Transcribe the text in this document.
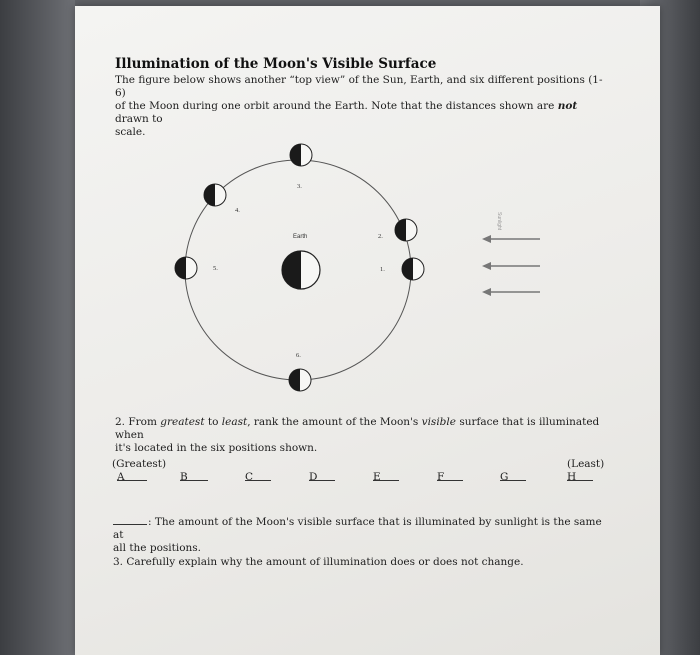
Illumination of the Moon's Visible Surface
The figure below shows another “top view” of the Sun, Earth, and six different positions (1-6)
of the Moon during one orbit around the Earth. Note that the distances shown are not drawn to
scale.
Sunlight
Earth
1.
2.
3.
4.
5.
6.
2. From greatest to least, rank the amount of the Moon's visible surface that is illuminated when
it's located in the six positions shown.
(Greatest)	(Least)
A	B	C	D	E	F	G	H
: The amount of the Moon's visible surface that is illuminated by sunlight is the same at
all the positions.
3. Carefully explain why the amount of illumination does or does not change.
